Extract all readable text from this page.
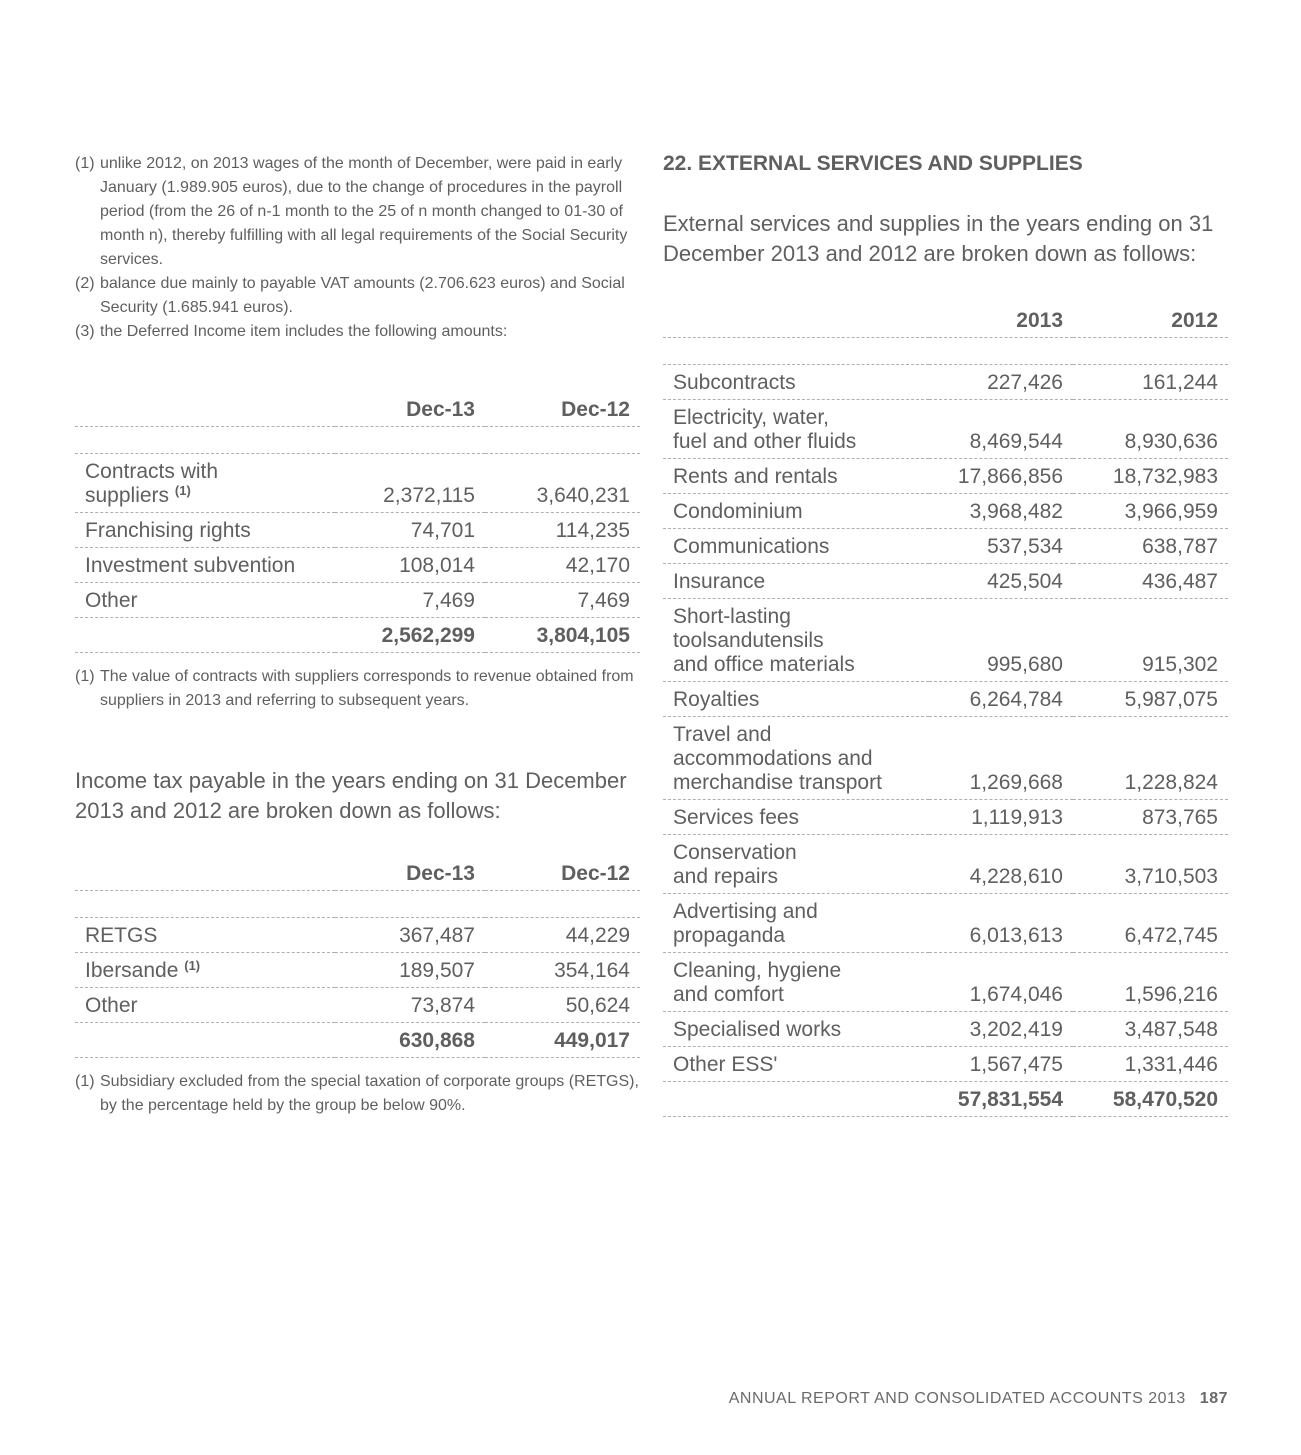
(1) unlike 2012, on 2013 wages of the month of December, were paid in early January (1.989.905 euros), due to the change of procedures in the payroll period (from the 26 of n-1 month to the 25 of n month changed to 01-30 of month n), thereby fulfilling with all legal requirements of the Social Security services.
(2) balance due mainly to payable VAT amounts (2.706.623 euros) and Social Security (1.685.941 euros).
(3) the Deferred Income item includes the following amounts:
	Dec-13	Dec-12

Contracts with
suppliers $^{(1)}$	2,372,115	3,640,231
Franchising rights	74,701	114,235
Investment subvention	108,014	42,170
Other	7,469	7,469
	2,562,299	3,804,105
(1) The value of contracts with suppliers corresponds to revenue obtained from suppliers in 2013 and referring to subsequent years.

Income tax payable in the years ending on 31 December 2013 and 2012 are broken down as follows:

	Dec-13	Dec-12

RETGS	367,487	44,229
Ibersande $^{(1)}$	189,507	354,164
Other	73,874	50,624
	630,868	449,017
(1) Subsidiary excluded from the special taxation of corporate groups (RETGS), by the percentage held by the group be below 90%.
22. EXTERNAL SERVICES AND SUPPLIES

External services and supplies in the years ending on 31 December 2013 and 2012 are broken down as follows:

	2013	2012

Subcontracts	227,426	161,244
Electricity, water,
fuel and other fluids	8,469,544	8,930,636
Rents and rentals	17,866,856	18,732,983
Condominium	3,968,482	3,966,959
Communications	537,534	638,787
Insurance	425,504	436,487
Short-lasting
toolsandutensils
and office materials	995,680	915,302
Royalties	6,264,784	5,987,075
Travel and
accommodations and
merchandise transport	1,269,668	1,228,824
Services fees	1,119,913	873,765
Conservation
and repairs	4,228,610	3,710,503
Advertising and
propaganda	6,013,613	6,472,745
Cleaning, hygiene
and comfort	1,674,046	1,596,216
Specialised works	3,202,419	3,487,548
Other ESS'	1,567,475	1,331,446
	57,831,554	58,470,520
ANNUAL REPORT AND CONSOLIDATED ACCOUNTS 2013 187
